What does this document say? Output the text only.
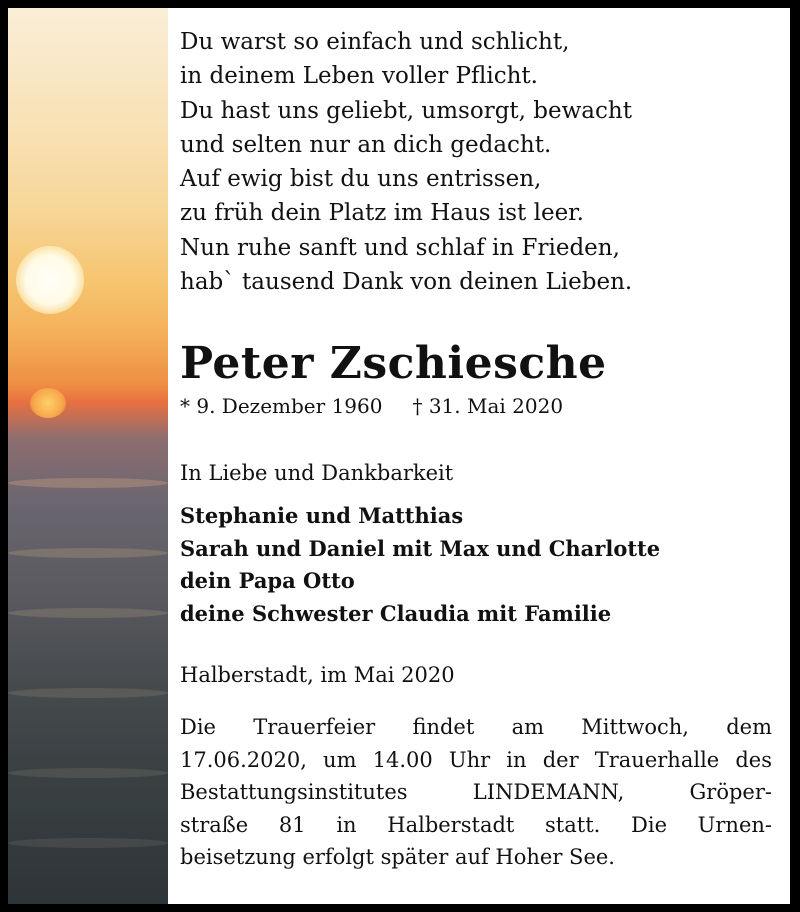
Du warst so einfach und schlicht,

in deinem Leben voller Pflicht.

Du hast uns geliebt, umsorgt, bewacht

und selten nur an dich gedacht.

Auf ewig bist du uns entrissen,

zu früh dein Platz im Haus ist leer.

Nun ruhe sanft und schlaf in Frieden,

hab` tausend Dank von deinen Lieben.

Peter Zschiesche
* 9. Dezember 1960 † 31. Mai 2020
In Liebe und Dankbarkeit

Stephanie und Matthias

Sarah und Daniel mit Max und Charlotte

dein Papa Otto

deine Schwester Claudia mit Familie

Halberstadt, im Mai 2020
Die Trauerfeier findet am Mittwoch, dem
17.06.2020, um 14.00 Uhr in der Trauerhalle des
Bestattungsinstitutes LINDEMANN, Gröper-
straße 81 in Halberstadt statt. Die Urnen-
beisetzung erfolgt später auf Hoher See.
